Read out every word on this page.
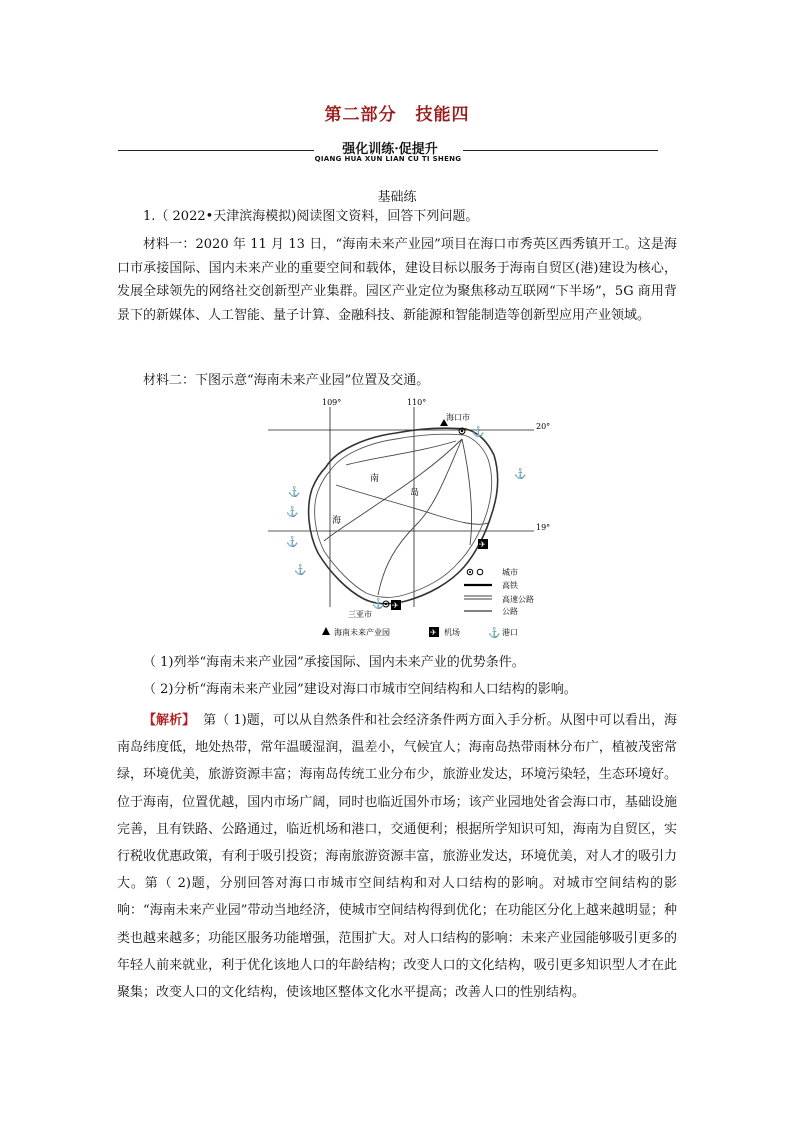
第二部分 技能四
强化训练·促提升
QIANG HUA XUN LIAN CU TI SHENG
基础练
1.（ 2022•天津滨海模拟)阅读图文资料，回答下列问题。
材料一：2020 年 11 月 13 日，“海南未来产业园”项目在海口市秀英区西秀镇开工。这是海口市承接国际、国内未来产业的重要空间和载体，建设目标以服务于海南自贸区(港)建设为核心，发展全球领先的网络社交创新型产业集群。园区产业定位为聚焦移动互联网“下半场”，5G 商用背景下的新媒体、人工智能、量子计算、金融科技、新能源和智能制造等创新型应用产业领域。
材料二：下图示意“海南未来产业园”位置及交通。
109°	110°
20°
19°
岛
南
海
海口市
三亚市
⚓
⚓
⚓
⚓
⚓
⚓
⚓
✈
✈
城市
高铁
高速公路
公路
海南未来产业园	✈ 机场	⚓ 港口
（ 1)列举“海南未来产业园”承接国际、国内未来产业的优势条件。
（ 2)分析“海南未来产业园”建设对海口市城市空间结构和人口结构的影响。
【解析】 第（ 1)题，可以从自然条件和社会经济条件两方面入手分析。从图中可以看出，海南岛纬度低，地处热带，常年温暖湿润，温差小，气候宜人；海南岛热带雨林分布广，植被茂密常绿，环境优美，旅游资源丰富；海南岛传统工业分布少，旅游业发达，环境污染轻，生态环境好。位于海南，位置优越，国内市场广阔，同时也临近国外市场；该产业园地处省会海口市，基础设施完善，且有铁路、公路通过，临近机场和港口，交通便利；根据所学知识可知，海南为自贸区，实行税收优惠政策，有利于吸引投资；海南旅游资源丰富，旅游业发达，环境优美，对人才的吸引力大。第（ 2)题，分别回答对海口市城市空间结构和对人口结构的影响。对城市空间结构的影响：“海南未来产业园”带动当地经济，使城市空间结构得到优化；在功能区分化上越来越明显；种类也越来越多；功能区服务功能增强，范围扩大。对人口结构的影响：未来产业园能够吸引更多的年轻人前来就业，利于优化该地人口的年龄结构；改变人口的文化结构，吸引更多知识型人才在此聚集；改变人口的文化结构，使该地区整体文化水平提高；改善人口的性别结构。
